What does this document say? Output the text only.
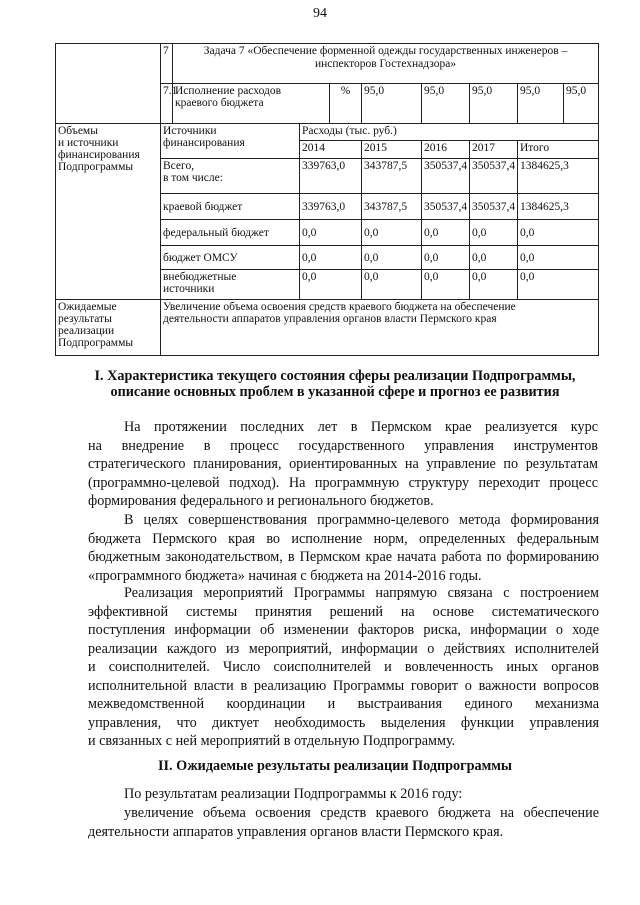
94
	7	Задача 7 «Обеспечение форменной одежды государственных инженеров –
инспекторов Гостехнадзора»							
	7.1	Исполнение расходов
краевого бюджета		%	95,0	95,0	95,0	95,0	95,0
Объемы
и источники
финансирования
Подпрограммы	Источники
финансирования		Расходы (тыс. руб.)						
			2014		2015	2016	2017	Итого	
	Всего,
в том числе:		339763,0		343787,5	350537,4	350537,4	1384625,3	
	краевой бюджет		339763,0		343787,5	350537,4	350537,4	1384625,3	
	федеральный бюджет		0,0		0,0	0,0	0,0	0,0	
	бюджет ОМСУ		0,0		0,0	0,0	0,0	0,0	
	внебюджетные
источники		0,0		0,0	0,0	0,0	0,0	
Ожидаемые
результаты
реализации
Подпрограммы	Увеличение объема освоения средств краевого бюджета на обеспечение
деятельности аппаратов управления органов власти Пермского края								
I. Характеристика текущего состояния сферы реализации Подпрограммы,
описание основных проблем в указанной сфере и прогноз ее развития
На протяжении последних лет в Пермском крае реализуется курс
на внедрение в процесс государственного управления инструментов
стратегического планирования, ориентированных на управление по результатам
(программно-целевой подход). На программную структуру переходит процесс
формирования федерального и регионального бюджетов.
В целях совершенствования программно-целевого метода формирования
бюджета Пермского края во исполнение норм, определенных федеральным
бюджетным законодательством, в Пермском крае начата работа по формированию
«программного бюджета» начиная с бюджета на 2014-2016 годы.
Реализация мероприятий Программы напрямую связана с построением
эффективной системы принятия решений на основе систематического
поступления информации об изменении факторов риска, информации о ходе
реализации каждого из мероприятий, информации о действиях исполнителей
и соисполнителей. Число соисполнителей и вовлеченность иных органов
исполнительной власти в реализацию Программы говорит о важности вопросов
межведомственной координации и выстраивания единого механизма
управления, что диктует необходимость выделения функции управления
и связанных с ней мероприятий в отдельную Подпрограмму.
II. Ожидаемые результаты реализации Подпрограммы
По результатам реализации Подпрограммы к 2016 году:
увеличение объема освоения средств краевого бюджета на обеспечение
деятельности аппаратов управления органов власти Пермского края.
